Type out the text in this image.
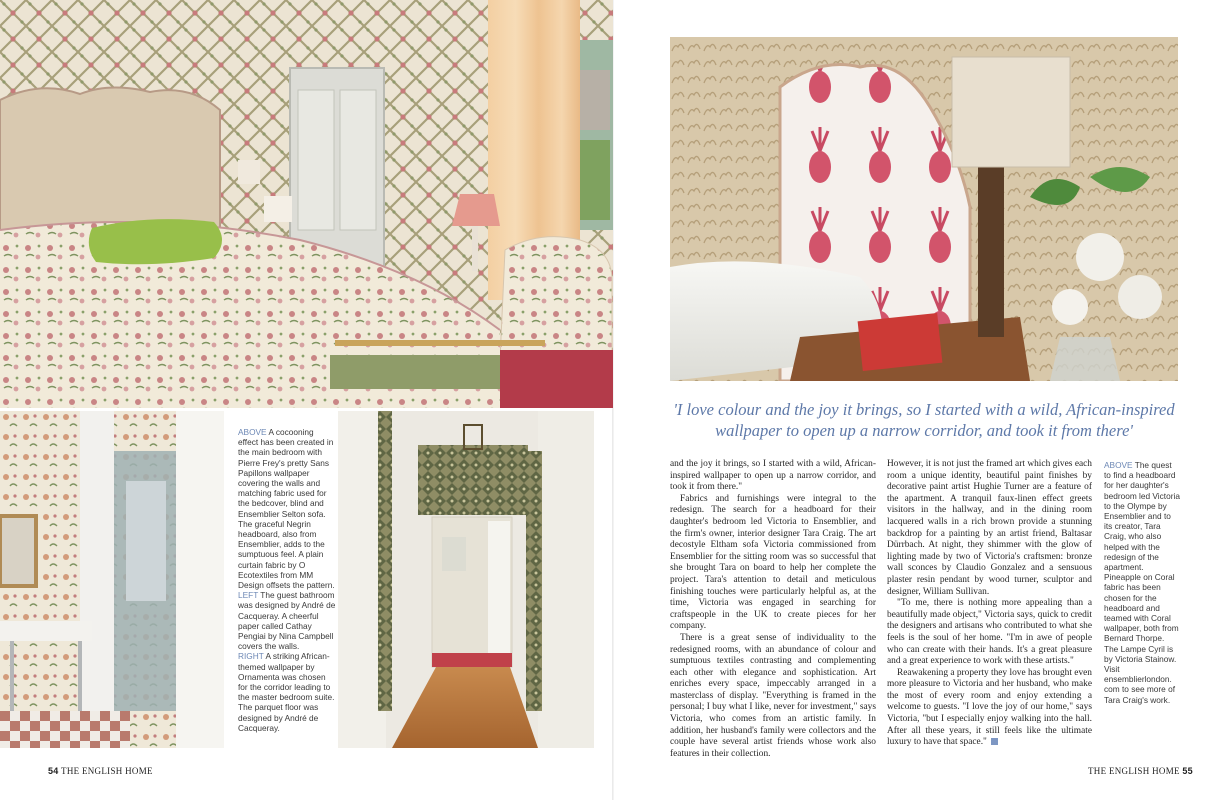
ABOVE A cocooning effect has been created in the main bedroom with Pierre Frey's pretty Sans Papillons wallpaper covering the walls and matching fabric used for the bedcover, blind and Ensemblier Selton sofa. The graceful Negrin headboard, also from Ensemblier, adds to the sumptuous feel. A plain curtain fabric by O Ecotextiles from MM Design offsets the pattern.

LEFT The guest bathroom was designed by André de Cacqueray. A cheerful paper called Cathay Pengiai by Nina Campbell covers the walls.

RIGHT A striking African-themed wallpaper by Ornamenta was chosen for the corridor leading to the master bedroom suite. The parquet floor was designed by André de Cacqueray.

'I love colour and the joy it brings, so I started with a wild, African-inspired wallpaper to open up a narrow corridor, and took it from there'

and the joy it brings, so I started with a wild, African-inspired wallpaper to open up a narrow corridor, and took it from there."

Fabrics and furnishings were integral to the redesign. The search for a headboard for their daughter's bedroom led Victoria to Ensemblier, and the firm's owner, interior designer Tara Craig. The art decostyle Eltham sofa Victoria commissioned from Ensemblier for the sitting room was so successful that she brought Tara on board to help her complete the project. Tara's attention to detail and meticulous finishing touches were particularly helpful as, at the time, Victoria was engaged in searching for craftspeople in the UK to create pieces for her company.

There is a great sense of individuality to the redesigned rooms, with an abundance of colour and sumptuous textiles contrasting and complementing each other with elegance and sophistication. Art enriches every space, impeccably arranged in a masterclass of display. "Everything is framed in the personal; I buy what I like, never for investment," says Victoria, who comes from an artistic family. In addition, her husband's family were collectors and the couple have several artist friends whose work also features in their collection.

However, it is not just the framed art which gives each room a unique identity, beautiful paint finishes by decorative paint artist Hughie Turner are a feature of the apartment. A tranquil faux-linen effect greets visitors in the hallway, and in the dining room lacquered walls in a rich brown provide a stunning backdrop for a painting by an artist friend, Baltasar Dürrbach. At night, they shimmer with the glow of lighting made by two of Victoria's craftsmen: bronze wall sconces by Claudio Gonzalez and a sensuous plaster resin pendant by wood turner, sculptor and designer, William Sullivan.

"To me, there is nothing more appealing than a beautifully made object," Victoria says, quick to credit the designers and artisans who contributed to what she feels is the soul of her home. "I'm in awe of people who can create with their hands. It's a great pleasure and a great experience to work with these artists."

Reawakening a property they love has brought even more pleasure to Victoria and her husband, who make the most of every room and enjoy extending a welcome to guests. "I love the joy of our home," says Victoria, "but I especially enjoy walking into the hall. After all these years, it still feels like the ultimate luxury to have that space."

ABOVE The quest to find a headboard for her daughter's bedroom led Victoria to the Olympe by Ensemblier and to its creator, Tara Craig, who also helped with the redesign of the apartment. Pineapple on Coral fabric has been chosen for the headboard and teamed with Coral wallpaper, both from Bernard Thorpe. The Lampe Cyril is by Victoria Stainow. Visit ensemblierlondon. com to see more of Tara Craig's work.
54 THE ENGLISH HOME	THE ENGLISH HOME 55
